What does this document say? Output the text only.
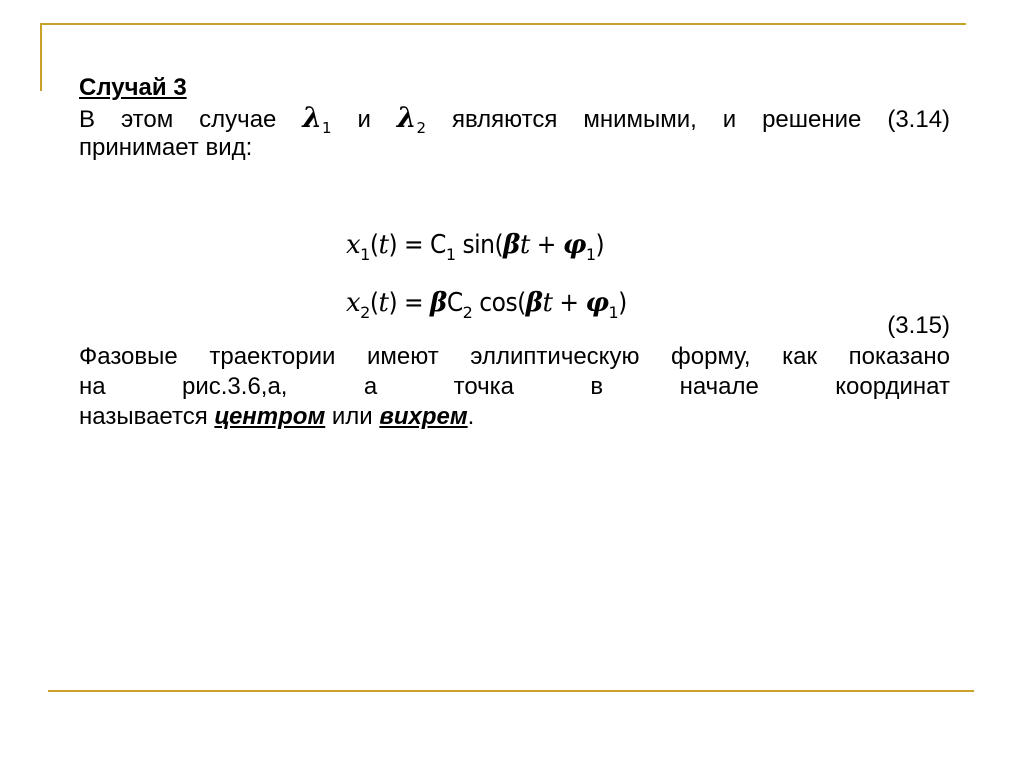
Случай 3
В этом случае $\lambda_1$ и $\lambda_2$ являются мнимыми, и решение (3.14)
принимает вид:
$x_1(t) = C_1$ $\sin(\beta t + \varphi_1)$
$x_2(t) = \beta C_2$ $\cos(\beta t + \varphi_1)$
(3.15)
Фазовые траектории имеют эллиптическую форму, как показано
на	рис.3.6,а,	а	точка	в	начале	координат
называется центром или вихрем.
